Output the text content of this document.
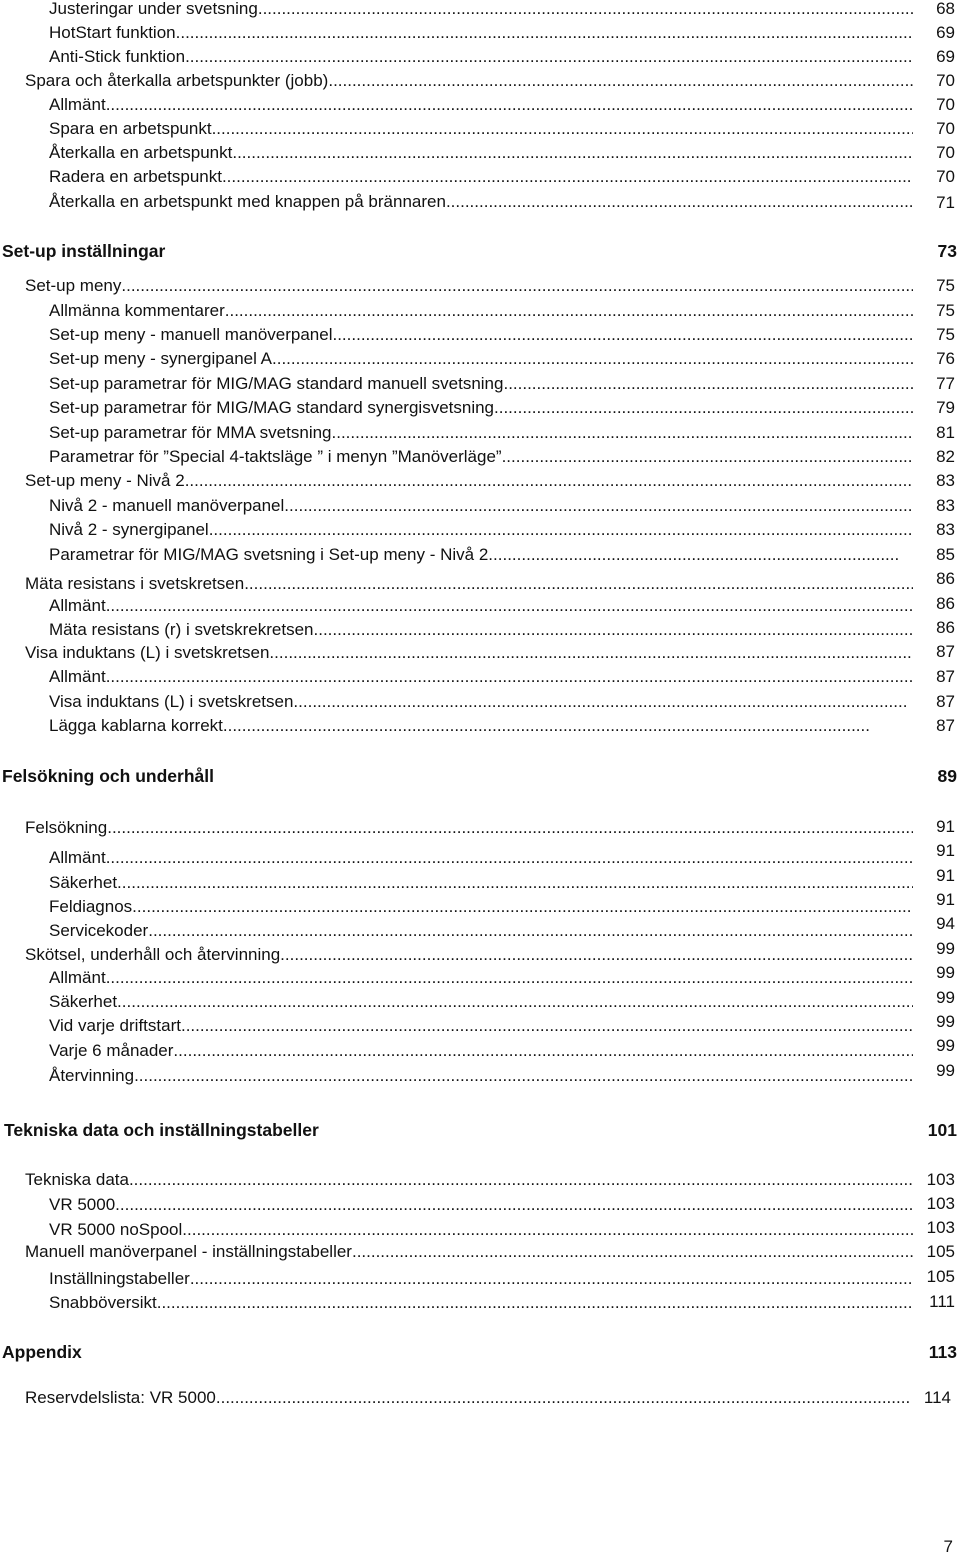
Justeringar under svetsning .....	68
HotStart funktion .....	69
Anti-Stick funktion .....	69
Spara och återkalla arbetspunkter (jobb) .....	70
Allmänt .....	70
Spara en arbetspunkt .....	70
Återkalla en arbetspunkt .....	70
Radera en arbetspunkt .....	70
Återkalla en arbetspunkt med knappen på brännaren .....	71
Set-up inställningar	73
Set-up meny .....	75
Allmänna kommentarer .....	75
Set-up meny - manuell manöverpanel .....	75
Set-up meny - synergipanel A .....	76
Set-up parametrar för MIG/MAG standard manuell svetsning .....	77
Set-up parametrar för MIG/MAG standard synergisvetsning .....	79
Set-up parametrar för MMA svetsning .....	81
Parametrar för ”Special 4-taktsläge ” i menyn ”Manöverläge” .....	82
Set-up meny - Nivå 2 .....	83
Nivå 2 - manuell manöverpanel .....	83
Nivå 2 - synergipanel .....	83
Parametrar för MIG/MAG svetsning i Set-up meny - Nivå 2......... .....	85
Mäta resistans i svetskretsen .....	86
Allmänt .....	86
Mäta resistans (r) i svetskrekretsen .....	86
Visa induktans (L) i svetskretsen .....	87
Allmänt .....	87
Visa induktans (L) i svetskretsen .....	87
Lägga kablarna korrekt .....	87
Felsökning och underhåll	89
Felsökning .....	91
Allmänt .....	91
Säkerhet .....	91
Feldiagnos .....	91
Servicekoder .....	94
Skötsel, underhåll och återvinning .....	99
Allmänt .....	99
Säkerhet .....	99
Vid varje driftstart .....	99
Varje 6 månader .....	99
Återvinning .....	99
Tekniska data och inställningstabeller	101
Tekniska data .....	103
VR 5000 .....	103
VR 5000 noSpool .....	103
Manuell manöverpanel - inställningstabeller .....	105
Inställningstabeller .....	105
Snabböversikt .....	111
Appendix	113
Reservdelslista: VR 5000 .....	114
7
